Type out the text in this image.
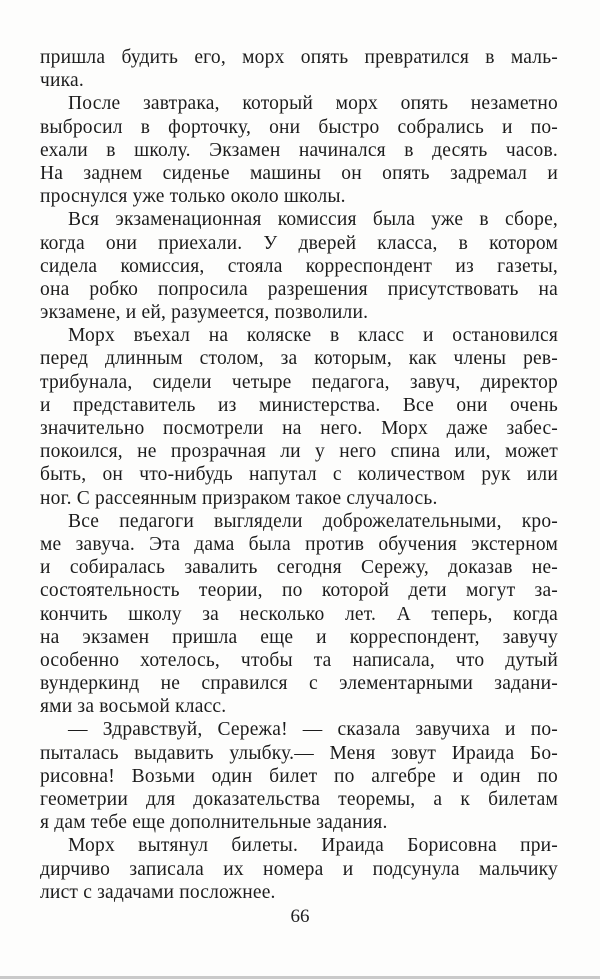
пришла будить его, морх опять превратился в маль-
чика.
После завтрака, который морх опять незаметно
выбросил в форточку, они быстро собрались и по-
ехали в школу. Экзамен начинался в десять часов.
На заднем сиденье машины он опять задремал и
проснулся уже только около школы.
Вся экзаменационная комиссия была уже в сборе,
когда они приехали. У дверей класса, в котором
сидела комиссия, стояла корреспондент из газеты,
она робко попросила разрешения присутствовать на
экзамене, и ей, разумеется, позволили.
Морх въехал на коляске в класс и остановился
перед длинным столом, за которым, как члены рев-
трибунала, сидели четыре педагога, завуч, директор
и представитель из министерства. Все они очень
значительно посмотрели на него. Морх даже забес-
покоился, не прозрачная ли у него спина или, может
быть, он что-нибудь напутал с количеством рук или
ног. С рассеянным призраком такое случалось.
Все педагоги выглядели доброжелательными, кро-
ме завуча. Эта дама была против обучения экстерном
и собиралась завалить сегодня Сережу, доказав не-
состоятельность теории, по которой дети могут за-
кончить школу за несколько лет. А теперь, когда
на экзамен пришла еще и корреспондент, завучу
особенно хотелось, чтобы та написала, что дутый
вундеркинд не справился с элементарными задани-
ями за восьмой класс.
— Здравствуй, Сережа! — сказала завучиха и по-
пыталась выдавить улыбку.— Меня зовут Ираида Бо-
рисовна! Возьми один билет по алгебре и один по
геометрии для доказательства теоремы, а к билетам
я дам тебе еще дополнительные задания.
Морх вытянул билеты. Ираида Борисовна при-
дирчиво записала их номера и подсунула мальчику
лист с задачами посложнее.
66
